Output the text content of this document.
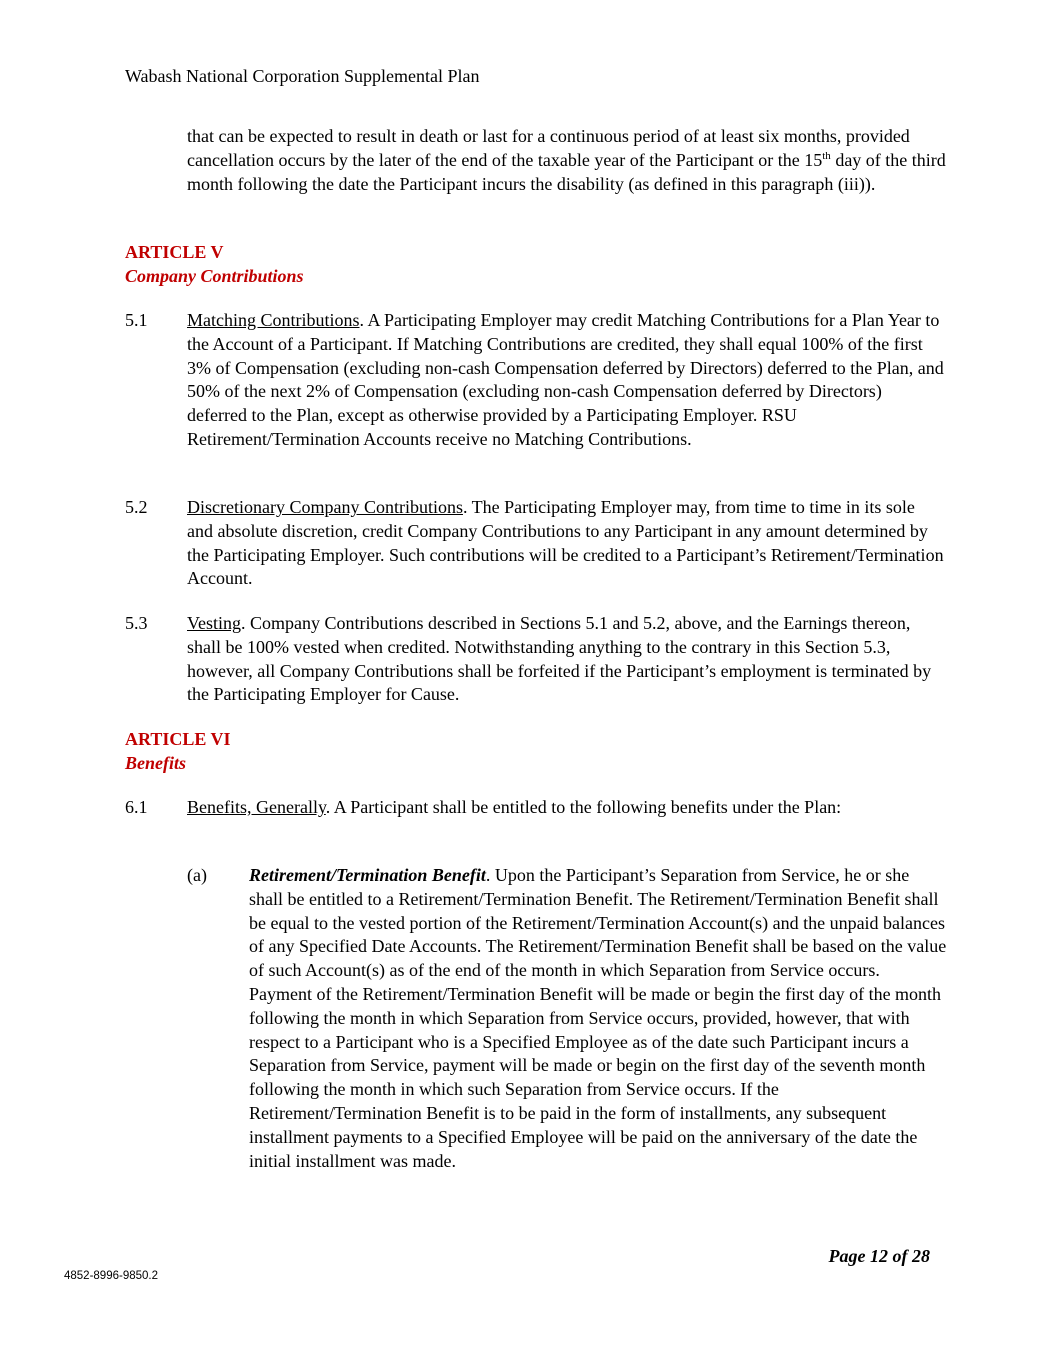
Wabash National Corporation Supplemental Plan
that can be expected to result in death or last for a continuous period of at least six months, provided cancellation occurs by the later of the end of the taxable year of the Participant or the 15th day of the third month following the date the Participant incurs the disability (as defined in this paragraph (iii)).
ARTICLE V
Company Contributions
5.1 Matching Contributions. A Participating Employer may credit Matching Contributions for a Plan Year to the Account of a Participant. If Matching Contributions are credited, they shall equal 100% of the first 3% of Compensation (excluding non-cash Compensation deferred by Directors) deferred to the Plan, and 50% of the next 2% of Compensation (excluding non-cash Compensation deferred by Directors) deferred to the Plan, except as otherwise provided by a Participating Employer. RSU Retirement/Termination Accounts receive no Matching Contributions.
5.2 Discretionary Company Contributions. The Participating Employer may, from time to time in its sole and absolute discretion, credit Company Contributions to any Participant in any amount determined by the Participating Employer. Such contributions will be credited to a Participant’s Retirement/Termination Account.
5.3 Vesting. Company Contributions described in Sections 5.1 and 5.2, above, and the Earnings thereon, shall be 100% vested when credited. Notwithstanding anything to the contrary in this Section 5.3, however, all Company Contributions shall be forfeited if the Participant’s employment is terminated by the Participating Employer for Cause.
ARTICLE VI
Benefits
6.1 Benefits, Generally. A Participant shall be entitled to the following benefits under the Plan:
(a) Retirement/Termination Benefit. Upon the Participant’s Separation from Service, he or she shall be entitled to a Retirement/Termination Benefit. The Retirement/Termination Benefit shall be equal to the vested portion of the Retirement/Termination Account(s) and the unpaid balances of any Specified Date Accounts. The Retirement/Termination Benefit shall be based on the value of such Account(s) as of the end of the month in which Separation from Service occurs. Payment of the Retirement/Termination Benefit will be made or begin the first day of the month following the month in which Separation from Service occurs, provided, however, that with respect to a Participant who is a Specified Employee as of the date such Participant incurs a Separation from Service, payment will be made or begin on the first day of the seventh month following the month in which such Separation from Service occurs. If the Retirement/Termination Benefit is to be paid in the form of installments, any subsequent installment payments to a Specified Employee will be paid on the anniversary of the date the initial installment was made.
Page 12 of 28
4852-8996-9850.2
